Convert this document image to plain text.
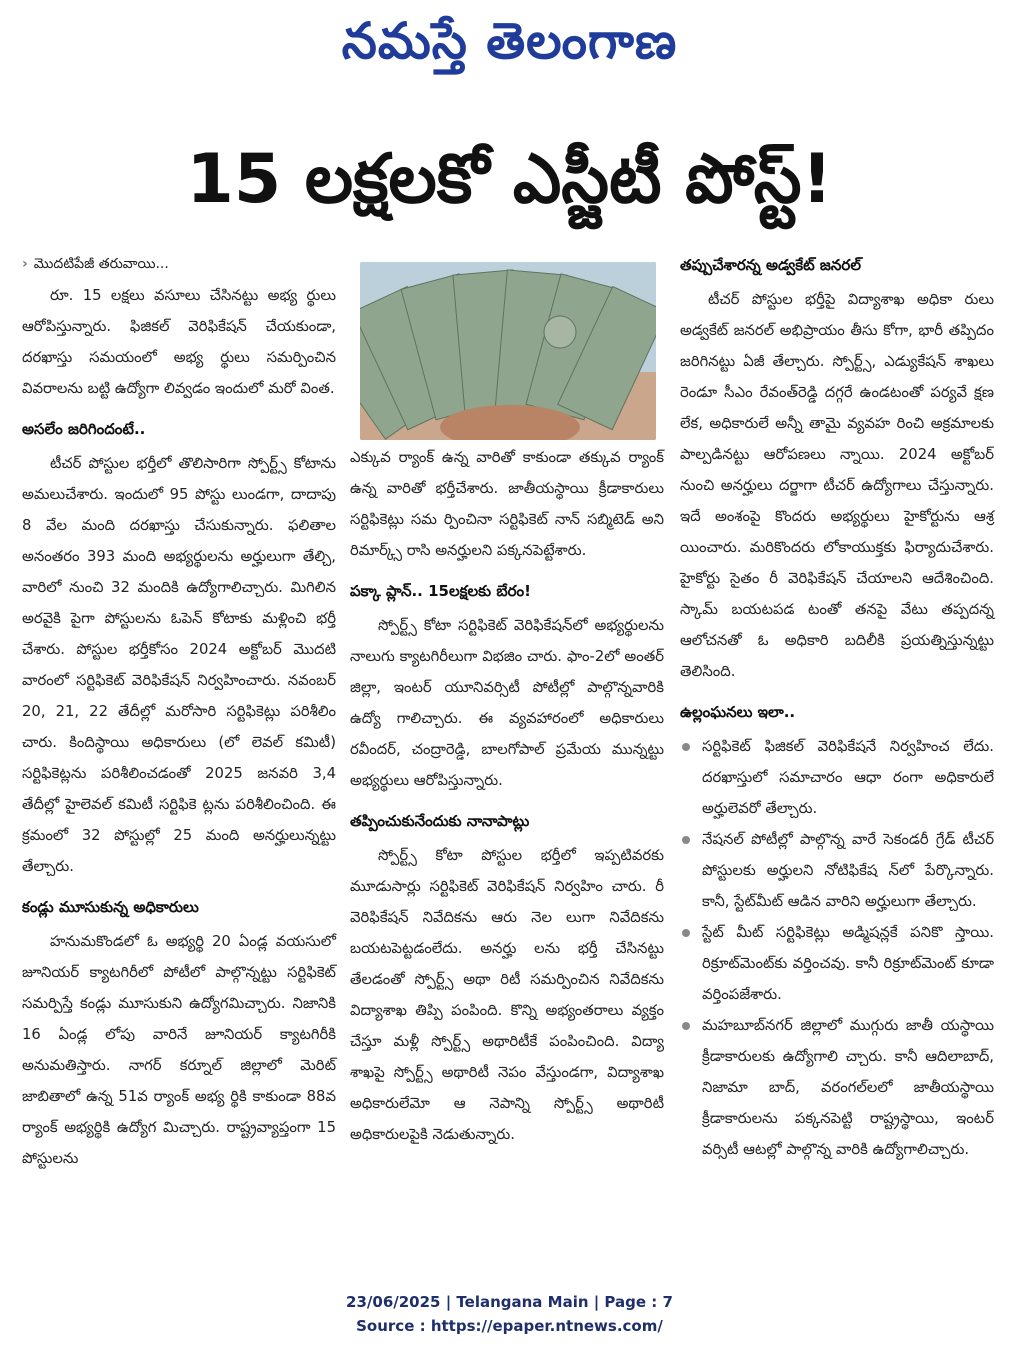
నమస్తే తెలంగాణ
15 లక్షలకో ఎస్జీటీ పోస్ట్!
› మొదటిపేజీ తరువాయి...

రూ. 15 లక్షలు వసూలు చేసినట్టు అభ్య ర్థులు ఆరోపిస్తున్నారు. ఫిజికల్ వెరిఫికేషన్ చేయకుండా, దరఖాస్తు సమయంలో అభ్య ర్థులు సమర్పించిన వివరాలను బట్టి ఉద్యోగా లివ్వడం ఇందులో మరో వింత.

అసలేం జరిగిందంటే..

టీచర్ పోస్టుల భర్తీలో తొలిసారిగా స్పోర్ట్స్ కోటాను అమలుచేశారు. ఇందులో 95 పోస్టు లుండగా, దాదాపు 8 వేల మంది దరఖాస్తు చేసుకున్నారు. ఫలితాల అనంతరం 393 మంది అభ్యర్థులను అర్హులుగా తేల్చి, వారిలో నుంచి 32 మందికి ఉద్యోగాలిచ్చారు. మిగిలిన అరవైకి పైగా పోస్టులను ఓపెన్ కోటాకు మళ్లించి భర్తీ చేశారు. పోస్టుల భర్తీకోసం 2024 అక్టోబర్ మొదటి వారంలో సర్టిఫికెట్ వెరిఫికేషన్ నిర్వహించారు. నవంబర్ 20, 21, 22 తేదీల్లో మరోసారి సర్టిఫికెట్లు పరిశీలిం చారు. కిందిస్థాయి అధికారులు (లో లెవల్ కమిటీ) సర్టిఫికెట్లను పరిశీలించడంతో 2025 జనవరి 3,4 తేదీల్లో హైలెవల్ కమిటీ సర్టిఫికె ట్లను పరిశీలించింది. ఈ క్రమంలో 32 పోస్టుల్లో 25 మంది అనర్హులున్నట్టు తేల్చారు.

కండ్లు మూసుకున్న అధికారులు

హనుమకొండలో ఓ అభ్యర్థి 20 ఏండ్ల వయసులో జూనియర్ క్యాటగిరీలో పోటీలో పాల్గొన్నట్టు సర్టిఫికెట్ సమర్పిస్తే కండ్లు మూసుకుని ఉద్యోగమిచ్చారు. నిజానికి 16 ఏండ్ల లోపు వారినే జూనియర్ క్యాటగిరీకి అనుమతిస్తారు. నాగర్ కర్నూల్ జిల్లాలో మెరిట్ జాబితాలో ఉన్న 51వ ర్యాంక్ అభ్య ర్థికి కాకుండా 88వ ర్యాంక్ అభ్యర్థికి ఉద్యోగ మిచ్చారు. రాష్ట్రవ్యాప్తంగా 15 పోస్టులను

ఎక్కువ ర్యాంక్ ఉన్న వారితో కాకుండా తక్కువ ర్యాంక్ ఉన్న వారితో భర్తీచేశారు. జాతీయస్థాయి క్రీడాకారులు సర్టిఫికెట్లు సమ ర్పించినా సర్టిఫికెట్ నాన్ సబ్మిటెడ్ అని రిమార్క్స్ రాసి అనర్హులని పక్కనపెట్టేశారు.

పక్కా ప్లాన్.. 15లక్షలకు బేరం!

స్పోర్ట్స్ కోటా సర్టిఫికెట్ వెరిఫికేషన్‌లో అభ్యర్థులను నాలుగు క్యాటగిరీలుగా విభజిం చారు. ఫాం-2లో అంతర్ జిల్లా, ఇంటర్ యూనివర్సిటీ పోటీల్లో పాల్గొన్నవారికి ఉద్యో గాలిచ్చారు. ఈ వ్యవహారంలో అధికారులు రవీందర్, చంద్రారెడ్డి, బాలగోపాల్ ప్రమేయ మున్నట్టు అభ్యర్థులు ఆరోపిస్తున్నారు.

తప్పించుకునేందుకు నానాపాట్లు

స్పోర్ట్స్ కోటా పోస్టుల భర్తీలో ఇప్పటివరకు మూడుసార్లు సర్టిఫికెట్ వెరిఫికేషన్ నిర్వహిం చారు. రీ వెరిఫికేషన్ నివేదికను ఆరు నెల లుగా నివేదికను బయటపెట్టడంలేదు. అనర్హు లను భర్తీ చేసినట్టు తేలడంతో స్పోర్ట్స్ అథా రిటీ సమర్పించిన నివేదికను విద్యాశాఖ తిప్పి పంపింది. కొన్ని అభ్యంతరాలు వ్యక్తం చేస్తూ మళ్లీ స్పోర్ట్స్ అథారిటీకే పంపించింది. విద్యా శాఖపై స్పోర్ట్స్ అథారిటీ నెపం వేస్తుండగా, విద్యాశాఖ అధికారులేమో ఆ నెపాన్ని స్పోర్ట్స్ అథారిటీ అధికారులపైకి నెడుతున్నారు.

తప్పుచేశారన్న అడ్వకేట్ జనరల్

టీచర్ పోస్టుల భర్తీపై విద్యాశాఖ అధికా రులు అడ్వకేట్ జనరల్ అభిప్రాయం తీసు కోగా, భారీ తప్పిదం జరిగినట్టు ఏజీ తేల్చారు. స్పోర్ట్స్, ఎడ్యుకేషన్ శాఖలు రెండూ సీఎం రేవంత్‌రెడ్డి దగ్గరే ఉండటంతో పర్యవే క్షణ లేక, అధికారులే అన్నీ తామై వ్యవహ రించి అక్రమాలకు పాల్పడినట్టు ఆరోపణలు న్నాయి. 2024 అక్టోబర్ నుంచి అనర్హులు దర్జాగా టీచర్ ఉద్యోగాలు చేస్తున్నారు. ఇదే అంశంపై కొందరు అభ్యర్థులు హైకోర్టును ఆశ్ర యించారు. మరికొందరు లోకాయుక్తకు ఫిర్యాదుచేశారు. హైకోర్టు సైతం రీ వెరిఫికేషన్ చేయాలని ఆదేశించింది. స్కామ్ బయటపడ టంతో తనపై వేటు తప్పదన్న ఆలోచనతో ఓ అధికారి బదిలీకి ప్రయత్నిస్తున్నట్టు తెలిసింది.

ఉల్లంఘనలు ఇలా..
సర్టిఫికెట్ ఫిజికల్ వెరిఫికేషనే నిర్వహించ లేదు. దరఖాస్తులో సమాచారం ఆధా రంగా అధికారులే అర్హులెవరో తేల్చారు.
నేషనల్ పోటీల్లో పాల్గొన్న వారే సెకండరీ గ్రేడ్ టీచర్ పోస్టులకు అర్హులని నోటిఫికేష న్‌లో పేర్కొన్నారు. కానీ, స్టేట్‌మీట్ ఆడిన వారిని అర్హులుగా తేల్చారు.
స్టేట్ మీట్ సర్టిఫికెట్లు అడ్మిషన్లకే పనికొ స్తాయి. రిక్రూట్‌మెంట్‌కు వర్తించవు. కానీ రిక్రూట్‌మెంట్ కూడా వర్తింపజేశారు.
మహబూబ్‌నగర్ జిల్లాలో ముగ్గురు జాతీ యస్థాయి క్రీడాకారులకు ఉద్యోగాలి చ్చారు. కానీ ఆదిలాబాద్, నిజామా బాద్, వరంగల్‌లలో జాతీయస్థాయి క్రీడాకారులను పక్కనపెట్టి రాష్ట్రస్థాయి, ఇంటర్ వర్సిటీ ఆటల్లో పాల్గొన్న వారికి ఉద్యోగాలిచ్చారు.
23/06/2025 | Telangana Main | Page : 7
Source : https://epaper.ntnews.com/
